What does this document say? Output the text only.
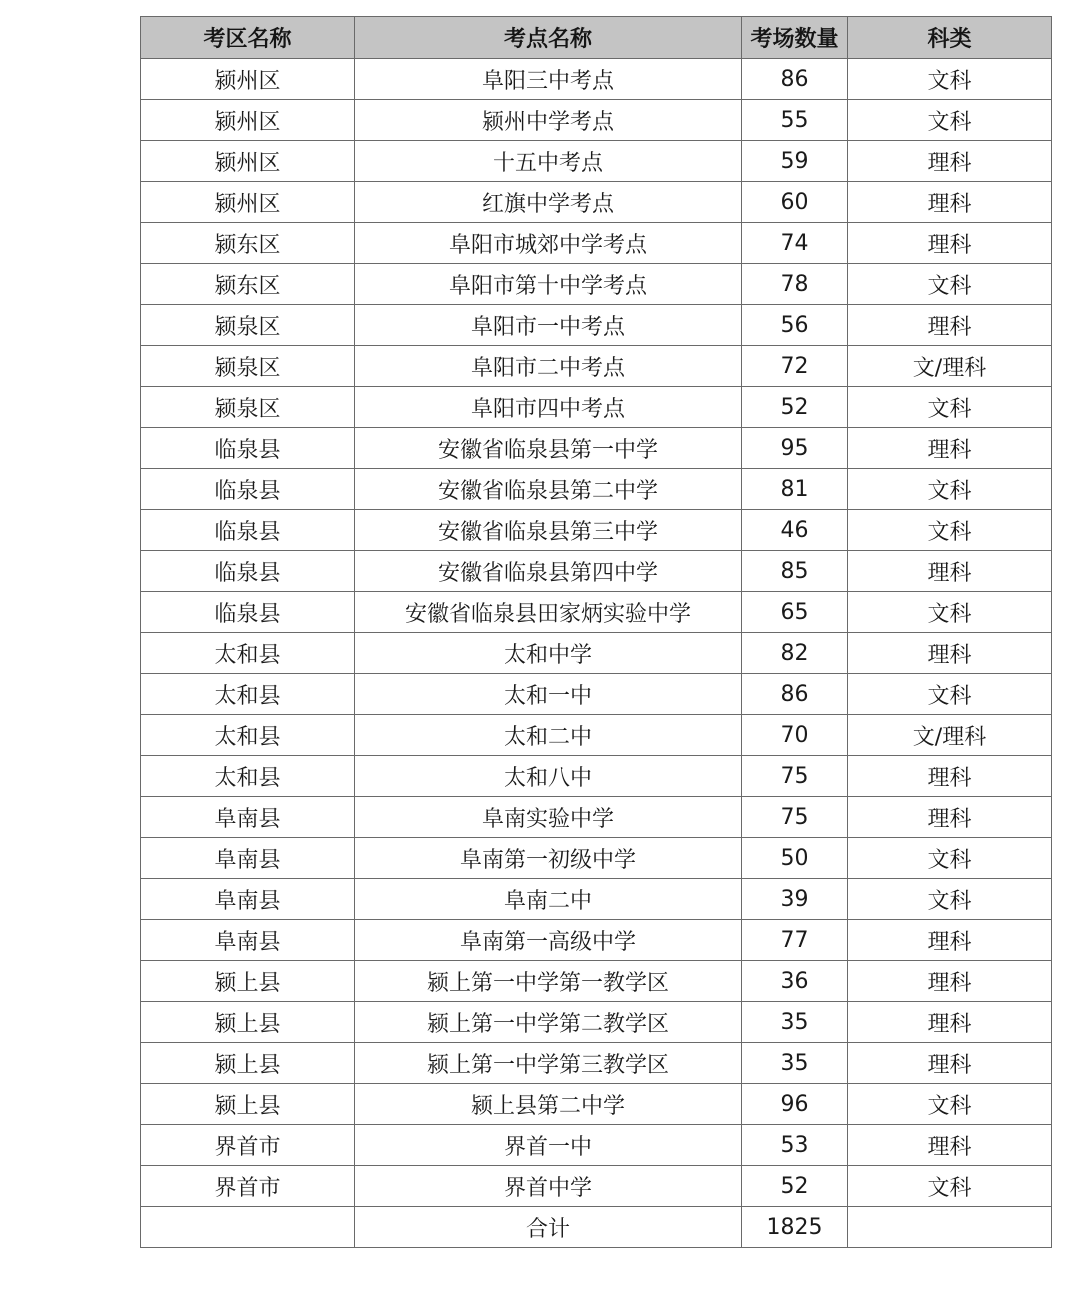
考区名称	考点名称	考场数量	科类
颍州区	阜阳三中考点	86	文科
颍州区	颍州中学考点	55	文科
颍州区	十五中考点	59	理科
颍州区	红旗中学考点	60	理科
颍东区	阜阳市城郊中学考点	74	理科
颍东区	阜阳市第十中学考点	78	文科
颍泉区	阜阳市一中考点	56	理科
颍泉区	阜阳市二中考点	72	文/理科
颍泉区	阜阳市四中考点	52	文科
临泉县	安徽省临泉县第一中学	95	理科
临泉县	安徽省临泉县第二中学	81	文科
临泉县	安徽省临泉县第三中学	46	文科
临泉县	安徽省临泉县第四中学	85	理科
临泉县	安徽省临泉县田家炳实验中学	65	文科
太和县	太和中学	82	理科
太和县	太和一中	86	文科
太和县	太和二中	70	文/理科
太和县	太和八中	75	理科
阜南县	阜南实验中学	75	理科
阜南县	阜南第一初级中学	50	文科
阜南县	阜南二中	39	文科
阜南县	阜南第一高级中学	77	理科
颍上县	颍上第一中学第一教学区	36	理科
颍上县	颍上第一中学第二教学区	35	理科
颍上县	颍上第一中学第三教学区	35	理科
颍上县	颍上县第二中学	96	文科
界首市	界首一中	53	理科
界首市	界首中学	52	文科
	合计	1825	
